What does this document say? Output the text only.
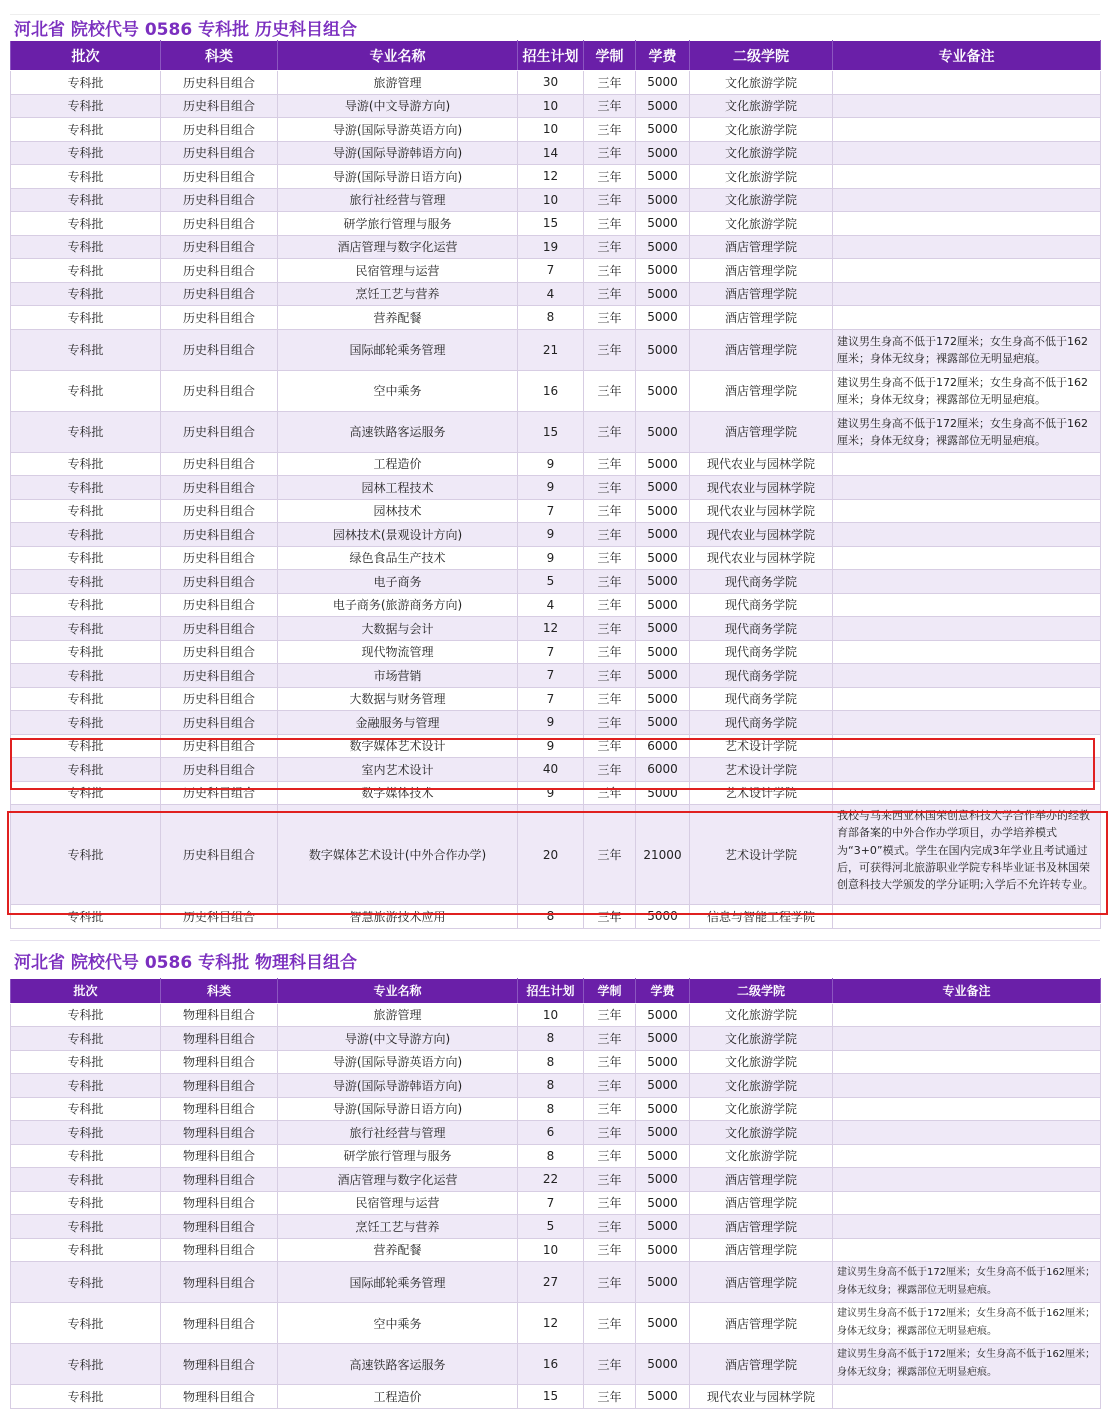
河北省 院校代号 0586 专科批 历史科目组合
批次	科类	专业名称	招生计划	学制	学费	二级学院	专业备注
专科批	历史科目组合	旅游管理	30	三年	5000	文化旅游学院	
专科批	历史科目组合	导游(中文导游方向)	10	三年	5000	文化旅游学院	
专科批	历史科目组合	导游(国际导游英语方向)	10	三年	5000	文化旅游学院	
专科批	历史科目组合	导游(国际导游韩语方向)	14	三年	5000	文化旅游学院	
专科批	历史科目组合	导游(国际导游日语方向)	12	三年	5000	文化旅游学院	
专科批	历史科目组合	旅行社经营与管理	10	三年	5000	文化旅游学院	
专科批	历史科目组合	研学旅行管理与服务	15	三年	5000	文化旅游学院	
专科批	历史科目组合	酒店管理与数字化运营	19	三年	5000	酒店管理学院	
专科批	历史科目组合	民宿管理与运营	7	三年	5000	酒店管理学院	
专科批	历史科目组合	烹饪工艺与营养	4	三年	5000	酒店管理学院	
专科批	历史科目组合	营养配餐	8	三年	5000	酒店管理学院	
专科批	历史科目组合	国际邮轮乘务管理	21	三年	5000	酒店管理学院	建议男生身高不低于172厘米；女生身高不低于162厘米；身体无纹身；裸露部位无明显疤痕。
专科批	历史科目组合	空中乘务	16	三年	5000	酒店管理学院	建议男生身高不低于172厘米；女生身高不低于162厘米；身体无纹身；裸露部位无明显疤痕。
专科批	历史科目组合	高速铁路客运服务	15	三年	5000	酒店管理学院	建议男生身高不低于172厘米；女生身高不低于162厘米；身体无纹身；裸露部位无明显疤痕。
专科批	历史科目组合	工程造价	9	三年	5000	现代农业与园林学院	
专科批	历史科目组合	园林工程技术	9	三年	5000	现代农业与园林学院	
专科批	历史科目组合	园林技术	7	三年	5000	现代农业与园林学院	
专科批	历史科目组合	园林技术(景观设计方向)	9	三年	5000	现代农业与园林学院	
专科批	历史科目组合	绿色食品生产技术	9	三年	5000	现代农业与园林学院	
专科批	历史科目组合	电子商务	5	三年	5000	现代商务学院	
专科批	历史科目组合	电子商务(旅游商务方向)	4	三年	5000	现代商务学院	
专科批	历史科目组合	大数据与会计	12	三年	5000	现代商务学院	
专科批	历史科目组合	现代物流管理	7	三年	5000	现代商务学院	
专科批	历史科目组合	市场营销	7	三年	5000	现代商务学院	
专科批	历史科目组合	大数据与财务管理	7	三年	5000	现代商务学院	
专科批	历史科目组合	金融服务与管理	9	三年	5000	现代商务学院	
专科批	历史科目组合	数字媒体艺术设计	9	三年	6000	艺术设计学院	
专科批	历史科目组合	室内艺术设计	40	三年	6000	艺术设计学院	
专科批	历史科目组合	数字媒体技术	9	三年	5000	艺术设计学院	
专科批	历史科目组合	数字媒体艺术设计(中外合作办学)	20	三年	21000	艺术设计学院	我校与马来西亚林国荣创意科技大学合作举办的经教育部备案的中外合作办学项目，办学培养模式为“3+0”模式。学生在国内完成3年学业且考试通过后，可获得河北旅游职业学院专科毕业证书及林国荣创意科技大学颁发的学分证明;入学后不允许转专业。
专科批	历史科目组合	智慧旅游技术应用	8	三年	5000	信息与智能工程学院	
河北省 院校代号 0586 专科批 物理科目组合
批次	科类	专业名称	招生计划	学制	学费	二级学院	专业备注
专科批	物理科目组合	旅游管理	10	三年	5000	文化旅游学院	
专科批	物理科目组合	导游(中文导游方向)	8	三年	5000	文化旅游学院	
专科批	物理科目组合	导游(国际导游英语方向)	8	三年	5000	文化旅游学院	
专科批	物理科目组合	导游(国际导游韩语方向)	8	三年	5000	文化旅游学院	
专科批	物理科目组合	导游(国际导游日语方向)	8	三年	5000	文化旅游学院	
专科批	物理科目组合	旅行社经营与管理	6	三年	5000	文化旅游学院	
专科批	物理科目组合	研学旅行管理与服务	8	三年	5000	文化旅游学院	
专科批	物理科目组合	酒店管理与数字化运营	22	三年	5000	酒店管理学院	
专科批	物理科目组合	民宿管理与运营	7	三年	5000	酒店管理学院	
专科批	物理科目组合	烹饪工艺与营养	5	三年	5000	酒店管理学院	
专科批	物理科目组合	营养配餐	10	三年	5000	酒店管理学院	
专科批	物理科目组合	国际邮轮乘务管理	27	三年	5000	酒店管理学院	建议男生身高不低于172厘米；女生身高不低于162厘米；身体无纹身；裸露部位无明显疤痕。
专科批	物理科目组合	空中乘务	12	三年	5000	酒店管理学院	建议男生身高不低于172厘米；女生身高不低于162厘米；身体无纹身；裸露部位无明显疤痕。
专科批	物理科目组合	高速铁路客运服务	16	三年	5000	酒店管理学院	建议男生身高不低于172厘米；女生身高不低于162厘米；身体无纹身；裸露部位无明显疤痕。
专科批	物理科目组合	工程造价	15	三年	5000	现代农业与园林学院	
